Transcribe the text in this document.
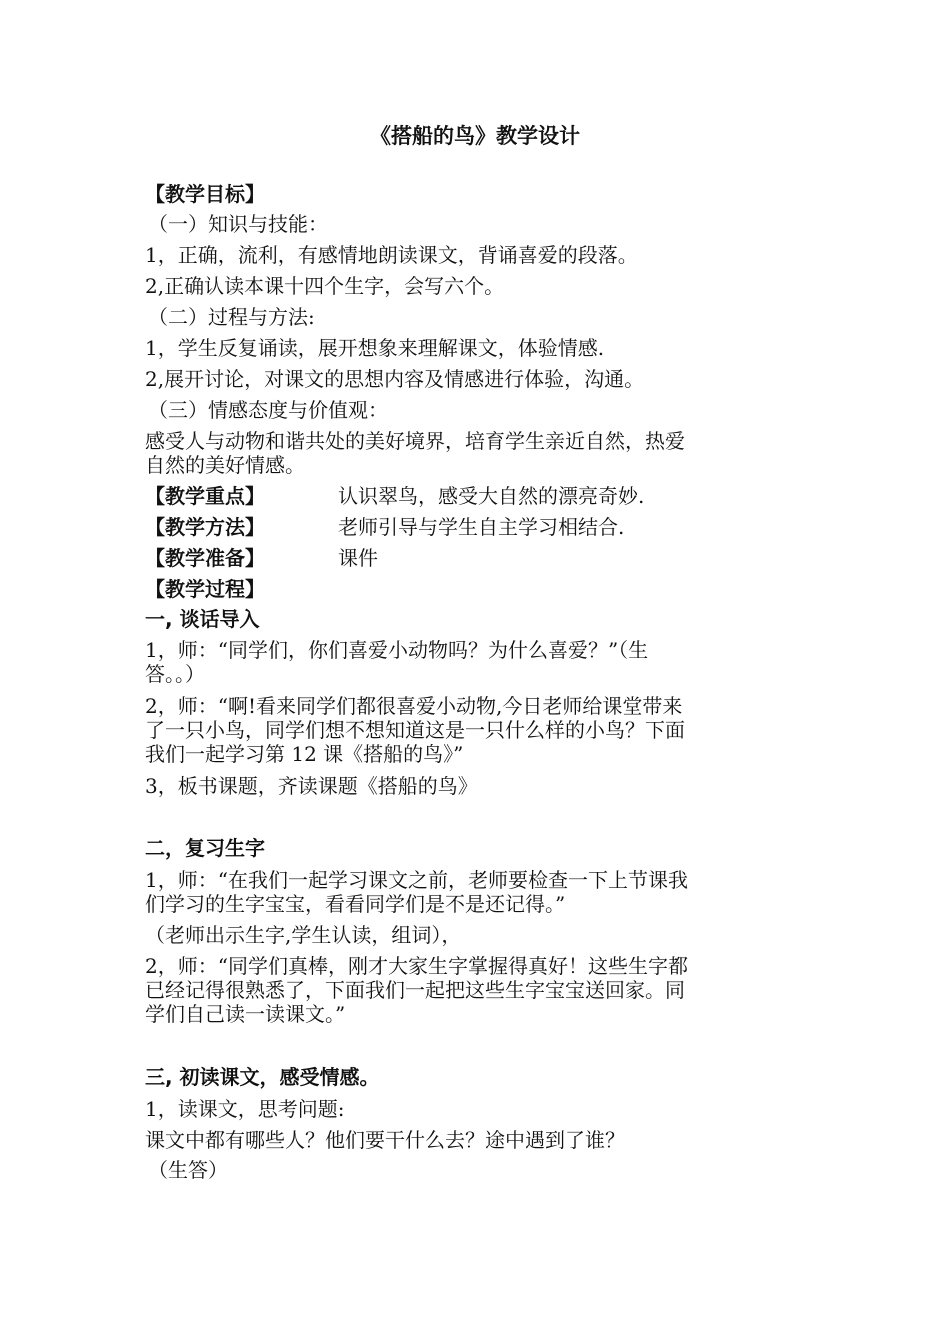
《搭船的鸟》教学设计
【教学目标】
（一）知识与技能：
1，正确，流利，有感情地朗读课文，背诵喜爱的段落。
2,正确认读本课十四个生字，会写六个。
（二）过程与方法:
1，学生反复诵读，展开想象来理解课文，体验情感.
2,展开讨论，对课文的思想内容及情感进行体验，沟通。
（三）情感态度与价值观：
感受人与动物和谐共处的美好境界，培育学生亲近自然，热爱
自然的美好情感。
【教学重点】	认识翠鸟，感受大自然的漂亮奇妙.
【教学方法】	老师引导与学生自主学习相结合.
【教学准备】	课件
【教学过程】
一, 谈话导入
1，师：“同学们，你们喜爱小动物吗？为什么喜爱？”（生
答。。）
2，师：“啊!看来同学们都很喜爱小动物,今日老师给课堂带来
了一只小鸟，同学们想不想知道这是一只什么样的小鸟？下面
我们一起学习第 12 课《搭船的鸟》”
3，板书课题，齐读课题《搭船的鸟》
二，复习生字
1，师：“在我们一起学习课文之前，老师要检查一下上节课我
们学习的生字宝宝，看看同学们是不是还记得。”
（老师出示生字,学生认读，组词），
2，师：“同学们真棒，刚才大家生字掌握得真好！这些生字都
已经记得很熟悉了，下面我们一起把这些生字宝宝送回家。同
学们自己读一读课文。”
三, 初读课文，感受情感。
1，读课文，思考问题:
课文中都有哪些人？他们要干什么去？途中遇到了谁？
（生答）
